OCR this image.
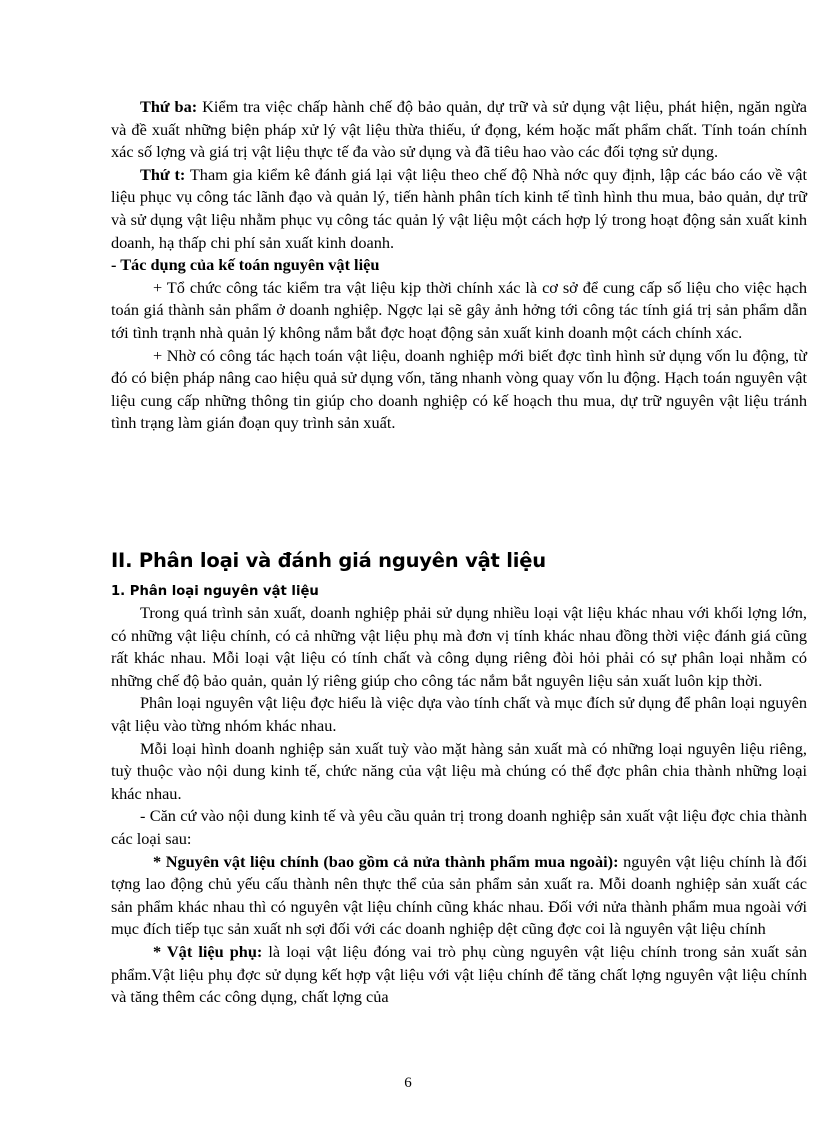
Thứ ba: Kiểm tra việc chấp hành chế độ bảo quản, dự trữ và sử dụng vật liệu, phát hiện, ngăn ngừa và đề xuất những biện pháp xử lý vật liệu thừa thiếu, ứ đọng, kém hoặc mất phẩm chất. Tính toán chính xác số lợng và giá trị vật liệu thực tế đa vào sử dụng và đã tiêu hao vào các đối tợng sử dụng.

Thứ t: Tham gia kiểm kê đánh giá lại vật liệu theo chế độ Nhà nớc quy định, lập các báo cáo về vật liệu phục vụ công tác lãnh đạo và quản lý, tiến hành phân tích kinh tế tình hình thu mua, bảo quản, dự trữ và sử dụng vật liệu nhằm phục vụ công tác quản lý vật liệu một cách hợp lý trong hoạt động sản xuất kinh doanh, hạ thấp chi phí sản xuất kinh doanh.

- Tác dụng của kế toán nguyên vật liệu

+ Tổ chức công tác kiểm tra vật liệu kịp thời chính xác là cơ sở để cung cấp số liệu cho việc hạch toán giá thành sản phẩm ở doanh nghiệp. Ngợc lại sẽ gây ảnh hởng tới công tác tính giá trị sản phẩm dẫn tới tình trạnh nhà quản lý không nắm bắt đợc hoạt động sản xuất kinh doanh một cách chính xác.

+ Nhờ có công tác hạch toán vật liệu, doanh nghiệp mới biết đợc tình hình sử dụng vốn lu động, từ đó có biện pháp nâng cao hiệu quả sử dụng vốn, tăng nhanh vòng quay vốn lu động. Hạch toán nguyên vật liệu cung cấp những thông tin giúp cho doanh nghiệp có kế hoạch thu mua, dự trữ nguyên vật liệu tránh tình trạng làm gián đoạn quy trình sản xuất.

II. Phân loại và đánh giá nguyên vật liệu

1. Phân loại nguyên vật liệu

Trong quá trình sản xuất, doanh nghiệp phải sử dụng nhiều loại vật liệu khác nhau với khối lợng lớn, có những vật liệu chính, có cả những vật liệu phụ mà đơn vị tính khác nhau đồng thời việc đánh giá cũng rất khác nhau. Mỗi loại vật liệu có tính chất và công dụng riêng đòi hỏi phải có sự phân loại nhằm có những chế độ bảo quản, quản lý riêng giúp cho công tác nắm bắt nguyên liệu sản xuất luôn kịp thời.

Phân loại nguyên vật liệu đợc hiểu là việc dựa vào tính chất và mục đích sử dụng để phân loại nguyên vật liệu vào từng nhóm khác nhau.

Mỗi loại hình doanh nghiệp sản xuất tuỳ vào mặt hàng sản xuất mà có những loại nguyên liệu riêng, tuỳ thuộc vào nội dung kinh tế, chức năng của vật liệu mà chúng có thể đợc phân chia thành những loại khác nhau.

- Căn cứ vào nội dung kinh tế và yêu cầu quản trị trong doanh nghiệp sản xuất vật liệu đợc chia thành các loại sau:

* Nguyên vật liệu chính (bao gồm cả nửa thành phẩm mua ngoài): nguyên vật liệu chính là đối tợng lao động chủ yếu cấu thành nên thực thể của sản phẩm sản xuất ra. Mỗi doanh nghiệp sản xuất các sản phẩm khác nhau thì có nguyên vật liệu chính cũng khác nhau. Đối với nửa thành phẩm mua ngoài với mục đích tiếp tục sản xuất nh sợi đối với các doanh nghiệp dệt cũng đợc coi là nguyên vật liệu chính

* Vật liệu phụ: là loại vật liệu đóng vai trò phụ cùng nguyên vật liệu chính trong sản xuất sản phẩm.Vật liệu phụ đợc sử dụng kết hợp vật liệu với vật liệu chính để tăng chất lợng nguyên vật liệu chính và tăng thêm các công dụng, chất lợng của

6
